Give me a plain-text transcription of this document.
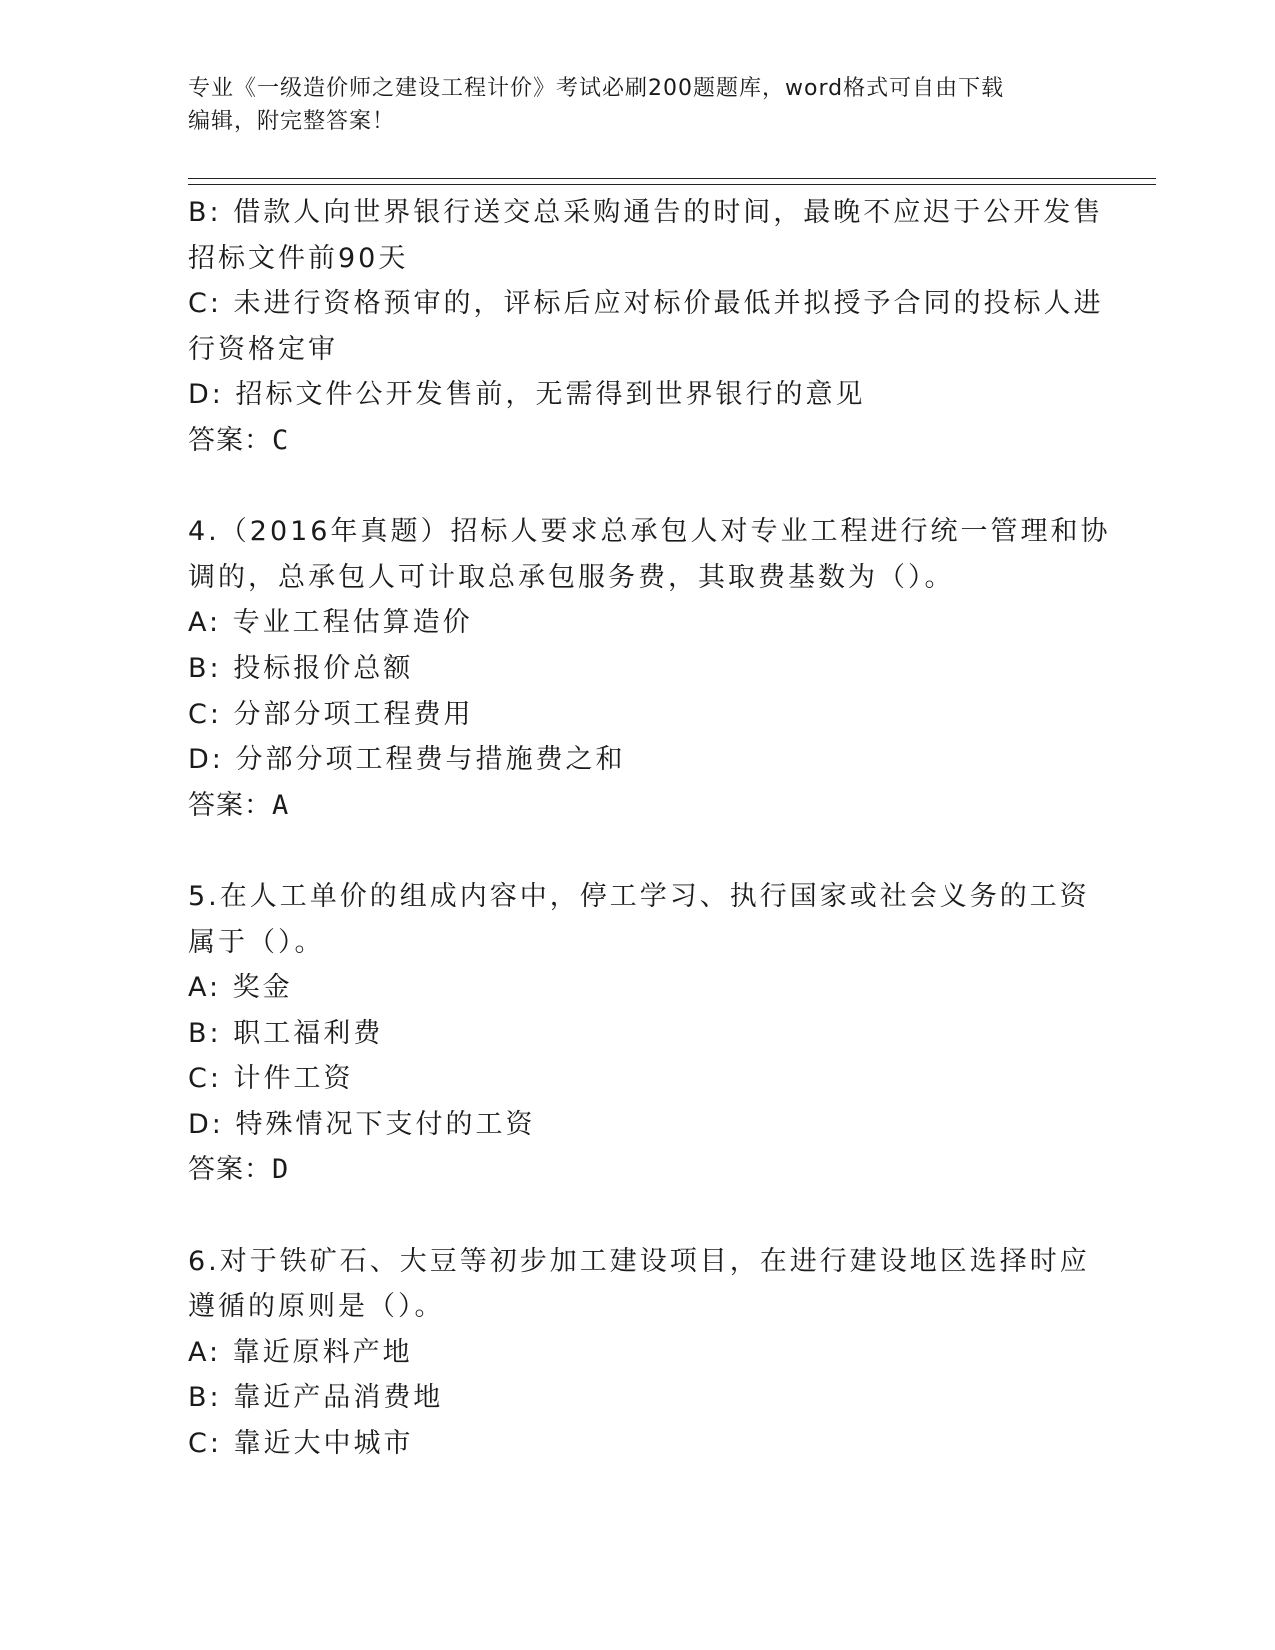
专业《一级造价师之建设工程计价》考试必刷200题题库，word格式可自由下载
编辑，附完整答案！
B: 借款人向世界银行送交总采购通告的时间，最晚不应迟于公开发售
招标文件前90天
C: 未进行资格预审的，评标后应对标价最低并拟授予合同的投标人进
行资格定审
D: 招标文件公开发售前，无需得到世界银行的意见
答案：C
4.（2016年真题）招标人要求总承包人对专业工程进行统一管理和协
调的，总承包人可计取总承包服务费，其取费基数为（）。
A: 专业工程估算造价
B: 投标报价总额
C: 分部分项工程费用
D: 分部分项工程费与措施费之和
答案：A
5.在人工单价的组成内容中，停工学习、执行国家或社会义务的工资
属于（）。
A: 奖金
B: 职工福利费
C: 计件工资
D: 特殊情况下支付的工资
答案：D
6.对于铁矿石、大豆等初步加工建设项目，在进行建设地区选择时应
遵循的原则是（）。
A: 靠近原料产地
B: 靠近产品消费地
C: 靠近大中城市
